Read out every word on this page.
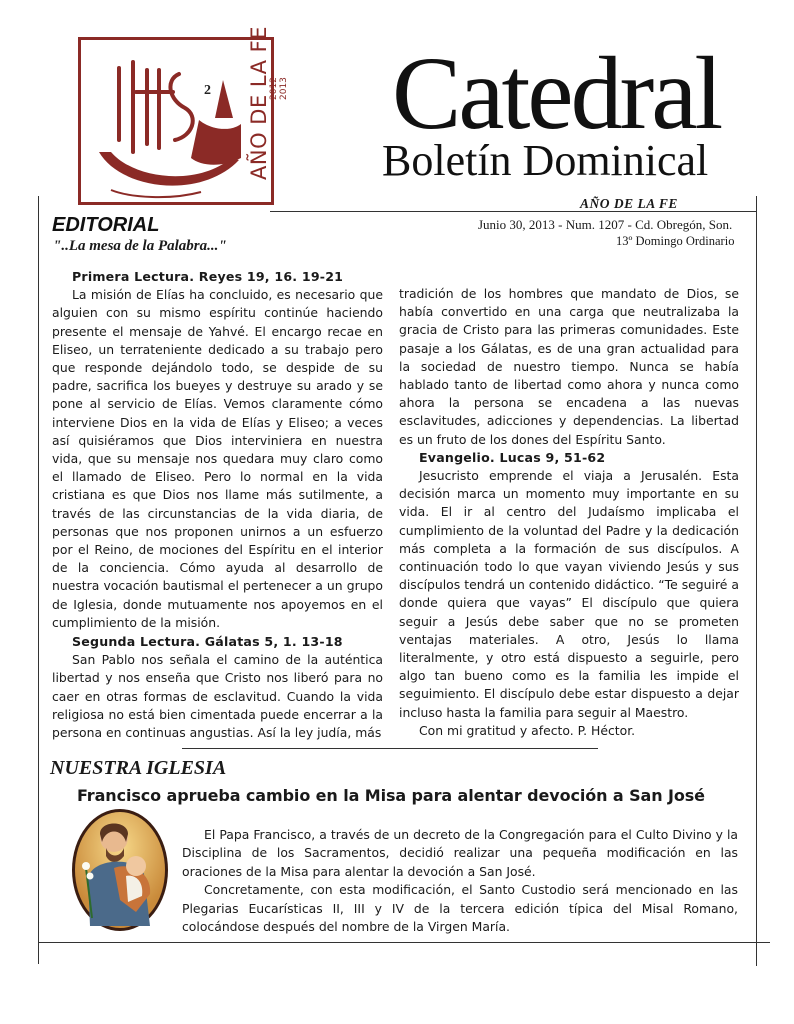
AÑO DE LA FE
2012 2013
2 Catedral
Boletín Dominical
EDITORIAL
AÑO DE LA FE
Junio 30, 2013 - Num. 1207 - Cd. Obregón, Son.
13º Domingo Ordinario
"..La mesa de la Palabra..."
Primera Lectura. Reyes 19, 16. 19-21

La misión de Elías ha concluido, es necesario que alguien con su mismo espíritu continúe haciendo presente el mensaje de Yahvé. El encargo recae en Eliseo, un terrateniente dedicado a su trabajo pero que responde dejándolo todo, se despide de su padre, sacrifica los bueyes y destruye su arado y se pone al servicio de Elías. Vemos claramente cómo interviene Dios en la vida de Elías y Eliseo; a veces así quisiéramos que Dios interviniera en nuestra vida, que su mensaje nos quedara muy claro como el llamado de Eliseo. Pero lo normal en la vida cristiana es que Dios nos llame más sutilmente, a través de las circunstancias de la vida diaria, de personas que nos proponen unirnos a un esfuerzo por el Reino, de mociones del Espíritu en el interior de la conciencia. Cómo ayuda al desarrollo de nuestra vocación bautismal el pertenecer a un grupo de Iglesia, donde mutuamente nos apoyemos en el cumplimiento de la misión.

Segunda Lectura. Gálatas 5, 1. 13-18

San Pablo nos señala el camino de la auténtica libertad y nos enseña que Cristo nos liberó para no caer en otras formas de esclavitud. Cuando la vida religiosa no está bien cimentada puede encerrar a la persona en continuas angustias. Así la ley judía, más

tradición de los hombres que mandato de Dios, se había convertido en una carga que neutralizaba la gracia de Cristo para las primeras comunidades. Este pasaje a los Gálatas, es de una gran actualidad para la sociedad de nuestro tiempo. Nunca se había hablado tanto de libertad como ahora y nunca como ahora la persona se encadena a las nuevas esclavitudes, adicciones y dependencias. La libertad es un fruto de los dones del Espíritu Santo.

Evangelio. Lucas 9, 51-62

Jesucristo emprende el viaja a Jerusalén. Esta decisión marca un momento muy importante en su vida. El ir al centro del Judaísmo implicaba el cumplimiento de la voluntad del Padre y la dedicación más completa a la formación de sus discípulos. A continuación todo lo que vayan viviendo Jesús y sus discípulos tendrá un contenido didáctico. “Te seguiré a donde quiera que vayas” El discípulo que quiera seguir a Jesús debe saber que no se prometen ventajas materiales. A otro, Jesús lo llama literalmente, y otro está dispuesto a seguirle, pero algo tan bueno como es la familia les impide el seguimiento. El discípulo debe estar dispuesto a dejar incluso hasta la familia para seguir al Maestro.

Con mi gratitud y afecto. P. Héctor.

NUESTRA IGLESIA
Francisco aprueba cambio en la Misa para alentar devoción a San José

El Papa Francisco, a través de un decreto de la Congregación para el Culto Divino y la Disciplina de los Sacramentos, decidió realizar una pequeña modificación en las oraciones de la Misa para alentar la devoción a San José.

Concretamente, con esta modificación, el Santo Custodio será mencionado en las Plegarias Eucarísticas II, III y IV de la tercera edición típica del Misal Romano, colocándose después del nombre de la Virgen María.
